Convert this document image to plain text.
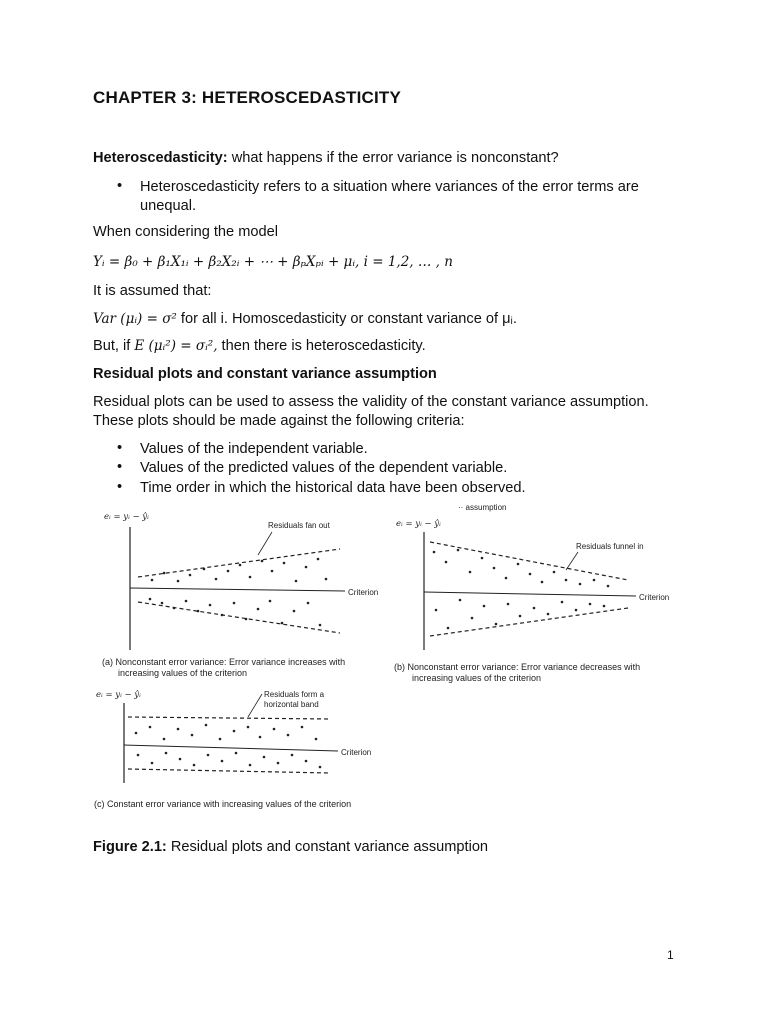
CHAPTER 3: HETEROSCEDASTICITY
Heteroscedasticity: what happens if the error variance is nonconstant?
• Heteroscedasticity refers to a situation where variances of the error terms are
unequal.
When considering the model
Yᵢ = β₀ + β₁X₁ᵢ + β₂X₂ᵢ + ⋯ + βₚXₚᵢ + μᵢ, i = 1,2, … , n
It is assumed that:
Var (μᵢ) = σ² for all i. Homoscedasticity or constant variance of μᵢ.
But, if E (μᵢ²) = σᵢ², then there is heteroscedasticity.
Residual plots and constant variance assumption
Residual plots can be used to assess the validity of the constant variance assumption.
These plots should be made against the following criteria:
• Values of the independent variable.
• Values of the predicted values of the dependent variable.
• Time order in which the historical data have been observed.
eᵢ = yᵢ − ŷᵢ
Criterion
Residuals fan out
(a) Nonconstant error variance: Error variance increases with
increasing values of the criterion
·· assumption
eᵢ = yᵢ − ŷᵢ
Criterion
Residuals funnel in
(b) Nonconstant error variance: Error variance decreases with
increasing values of the criterion
eᵢ = yᵢ − ŷᵢ
Criterion
Residuals form a
horizontal band
(c) Constant error variance with increasing values of the criterion
Figure 2.1: Residual plots and constant variance assumption
1
